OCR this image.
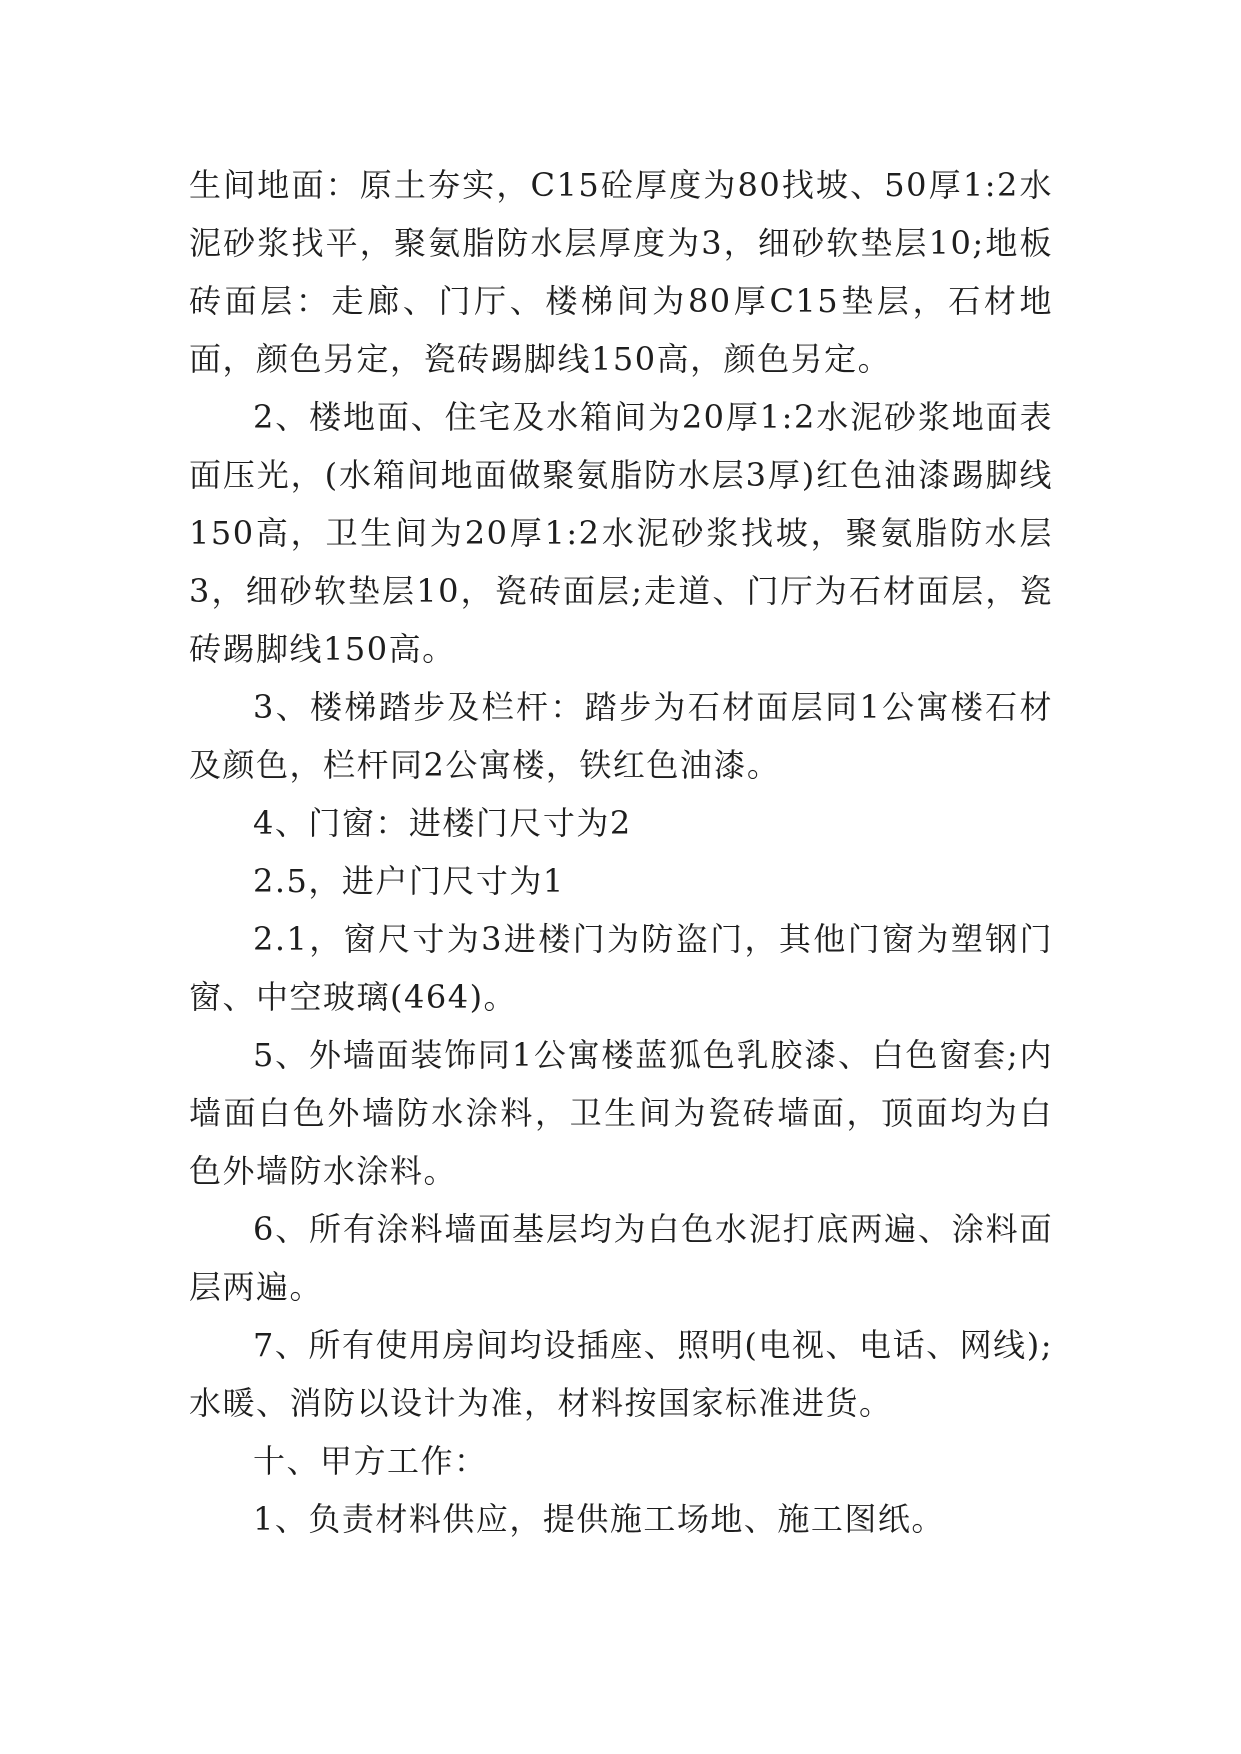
生间地面：原土夯实，C15砼厚度为80找坡、50厚1:2水泥砂浆找平，聚氨脂防水层厚度为3，细砂软垫层10;地板砖面层：走廊、门厅、楼梯间为80厚C15垫层，石材地面，颜色另定，瓷砖踢脚线150高，颜色另定。

2、楼地面、住宅及水箱间为20厚1:2水泥砂浆地面表面压光，(水箱间地面做聚氨脂防水层3厚)红色油漆踢脚线150高，卫生间为20厚1:2水泥砂浆找坡，聚氨脂防水层3，细砂软垫层10，瓷砖面层;走道、门厅为石材面层，瓷砖踢脚线150高。

3、楼梯踏步及栏杆：踏步为石材面层同1公寓楼石材及颜色，栏杆同2公寓楼，铁红色油漆。

4、门窗：进楼门尺寸为2

2.5，进户门尺寸为1

2.1，窗尺寸为3进楼门为防盗门，其他门窗为塑钢门窗、中空玻璃(464)。

5、外墙面装饰同1公寓楼蓝狐色乳胶漆、白色窗套;内墙面白色外墙防水涂料，卫生间为瓷砖墙面，顶面均为白色外墙防水涂料。

6、所有涂料墙面基层均为白色水泥打底两遍、涂料面层两遍。

7、所有使用房间均设插座、照明(电视、电话、网线);水暖、消防以设计为准，材料按国家标准进货。

十、甲方工作：

1、负责材料供应，提供施工场地、施工图纸。
